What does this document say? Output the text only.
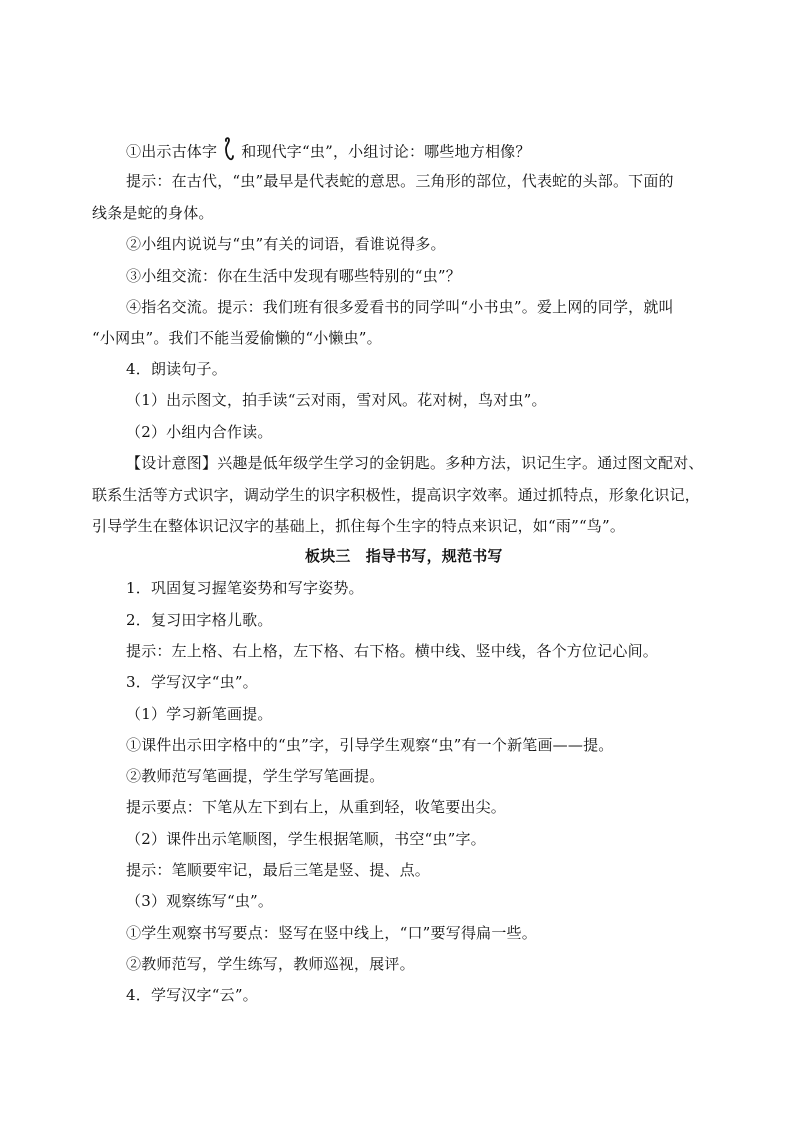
①出示古体字 和现代字“虫”，小组讨论：哪些地方相像？
提示：在古代，“虫”最早是代表蛇的意思。三角形的部位，代表蛇的头部。下面的
线条是蛇的身体。
②小组内说说与“虫”有关的词语，看谁说得多。
③小组交流：你在生活中发现有哪些特别的“虫”？
④指名交流。提示：我们班有很多爱看书的同学叫“小书虫”。爱上网的同学，就叫
“小网虫”。我们不能当爱偷懒的“小懒虫”。
4．朗读句子。
（1）出示图文，拍手读“云对雨，雪对风。花对树，鸟对虫”。
（2）小组内合作读。
【设计意图】兴趣是低年级学生学习的金钥匙。多种方法，识记生字。通过图文配对、
联系生活等方式识字，调动学生的识字积极性，提高识字效率。通过抓特点，形象化识记，
引导学生在整体识记汉字的基础上，抓住每个生字的特点来识记，如“雨”“鸟”。
板块三　指导书写，规范书写
1．巩固复习握笔姿势和写字姿势。
2．复习田字格儿歌。
提示：左上格、右上格，左下格、右下格。横中线、竖中线，各个方位记心间。
3．学写汉字“虫”。
（1）学习新笔画提。
①课件出示田字格中的“虫”字，引导学生观察“虫”有一个新笔画——提。
②教师范写笔画提，学生学写笔画提。
提示要点：下笔从左下到右上，从重到轻，收笔要出尖。
（2）课件出示笔顺图，学生根据笔顺，书空“虫”字。
提示：笔顺要牢记，最后三笔是竖、提、点。
（3）观察练写“虫”。
①学生观察书写要点：竖写在竖中线上，“口”要写得扁一些。
②教师范写，学生练写，教师巡视，展评。
4．学写汉字“云”。
